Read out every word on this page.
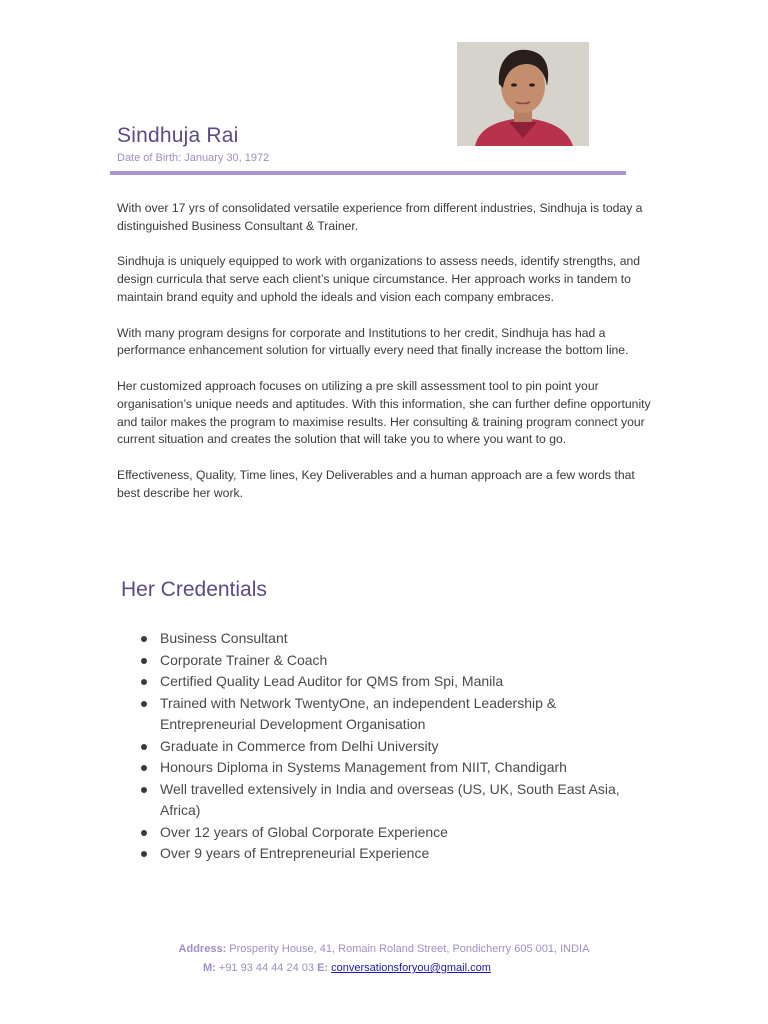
Sindhuja Rai
Date of Birth: January 30, 1972

With over 17 yrs of consolidated versatile experience from different industries, Sindhuja is today a distinguished Business Consultant & Trainer.

Sindhuja is uniquely equipped to work with organizations to assess needs, identify strengths, and design curricula that serve each client’s unique circumstance. Her approach works in tandem to maintain brand equity and uphold the ideals and vision each company embraces.

With many program designs for corporate and Institutions to her credit, Sindhuja has had a performance enhancement solution for virtually every need that finally increase the bottom line.

Her customized approach focuses on utilizing a pre skill assessment tool to pin point your organisation’s unique needs and aptitudes. With this information, she can further define opportunity and tailor makes the program to maximise results. Her consulting & training program connect your current situation and creates the solution that will take you to where you want to go.

Effectiveness, Quality, Time lines, Key Deliverables and a human approach are a few words that best describe her work.

Her Credentials
Business Consultant
Corporate Trainer & Coach
Certified Quality Lead Auditor for QMS from Spi, Manila
Trained with Network TwentyOne, an independent Leadership & Entrepreneurial Development Organisation
Graduate in Commerce from Delhi University
Honours Diploma in Systems Management from NIIT, Chandigarh
Well travelled extensively in India and overseas (US, UK, South East Asia, Africa)
Over 12 years of Global Corporate Experience
Over 9 years of Entrepreneurial Experience
Address: Prosperity House, 41, Romain Roland Street, Pondicherry 605 001, INDIA
M: +91 93 44 44 24 03 E: conversationsforyou@gmail.com
